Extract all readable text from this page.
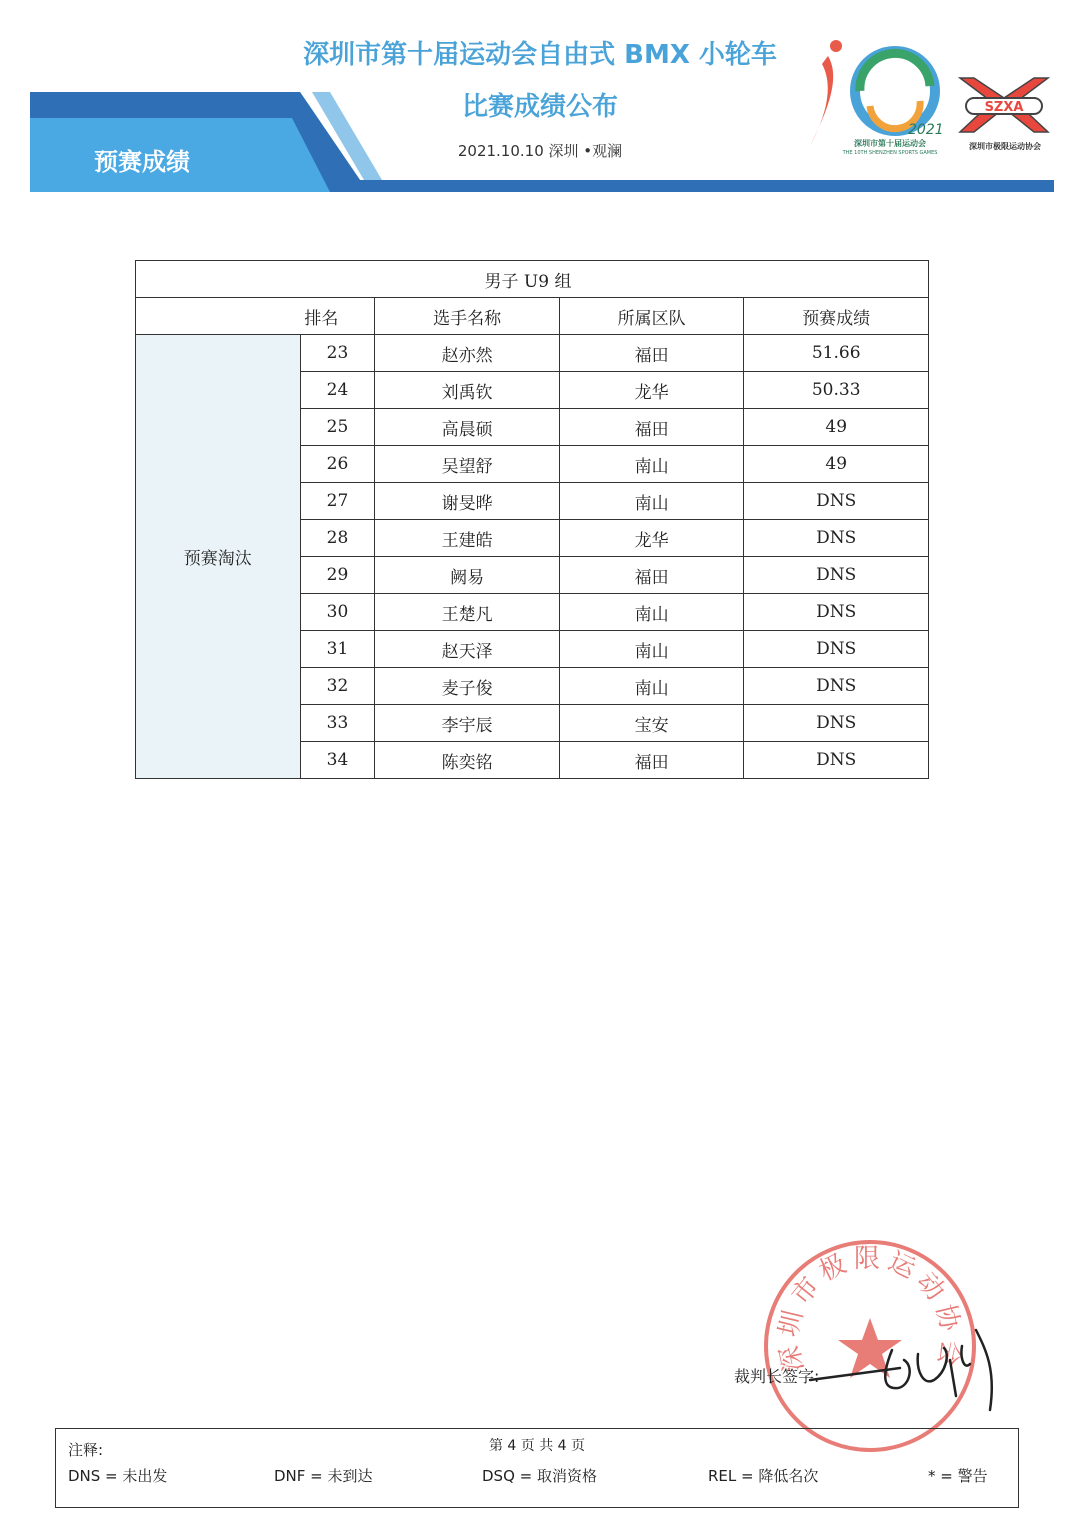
预赛成绩
深圳市第十届运动会自由式 BMX 小轮车
比赛成绩公布
2021.10.10 深圳 •观澜
2021
深圳市第十届运动会
THE 10TH SHENZHEN SPORTS GAMES
SZXA
深圳市极限运动协会
男子 U9 组				
排名		选手名称	所属区队	预赛成绩
预赛淘汰	23	赵亦然	福田	51.66
	24	刘禹钦	龙华	50.33
	25	高晨硕	福田	49
	26	吴望舒	南山	49
	27	谢旻晔	南山	DNS
	28	王建皓	龙华	DNS
	29	阙易	福田	DNS
	30	王楚凡	南山	DNS
	31	赵天泽	南山	DNS
	32	麦子俊	南山	DNS
	33	李宇辰	宝安	DNS
	34	陈奕铭	福田	DNS
深圳市极限运动协会
裁判长签字:
注释:	第 4 页 共 4 页
DNS = 未出发	DNF = 未到达	DSQ = 取消资格	REL = 降低名次	* = 警告
